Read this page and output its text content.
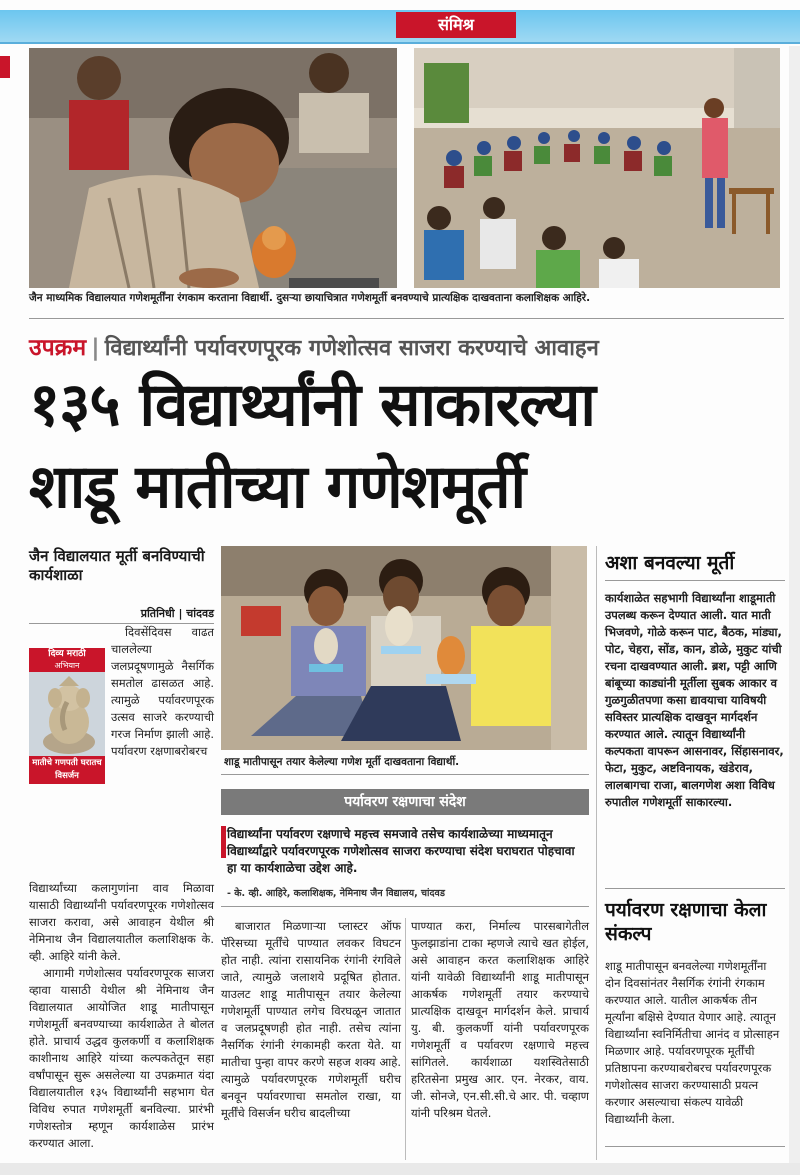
संमिश्र
जैन माध्यमिक विद्यालयात गणेशमूर्तींना रंगकाम करताना विद्यार्थी. दुसऱ्या छायाचित्रात गणेशमूर्ती बनवण्याचे प्रात्यक्षिक दाखवताना कलाशिक्षक आहिरे.
उपक्रम | विद्यार्थ्यांनी पर्यावरणपूरक गणेशोत्सव साजरा करण्याचे आवाहन
१३५ विद्यार्थ्यांनी साकारल्या
शाडू मातीच्या गणेशमूर्ती
जैन विद्यालयात मूर्ती बनविण्याची कार्यशाळा
प्रतिनिधी | चांदवड
दिव्य मराठी
अभियान
मातीचे गणपती घरातच विसर्जन

दिवसेंदिवस वाढत चाललेल्या जलप्रदूषणामुळे नैसर्गिक समतोल ढासळत आहे. त्यामुळे पर्यावरणपूरक उत्सव साजरे करण्याची गरज निर्माण झाली आहे. पर्यावरण रक्षणाबरोबरच

विद्यार्थ्यांच्या कलागुणांना वाव मिळावा यासाठी विद्यार्थ्यांनी पर्यावरणपूरक गणेशोत्सव साजरा करावा, असे आवाहन येथील श्री नेमिनाथ जैन विद्यालयातील कलाशिक्षक के. व्ही. आहिरे यांनी केले.

आगामी गणेशोत्सव पर्यावरणपूरक साजरा व्हावा यासाठी येथील श्री नेमिनाथ जैन विद्यालयात आयोजित शाडू मातीपासून गणेशमूर्ती बनवण्याच्या कार्यशाळेत ते बोलत होते. प्राचार्य उद्धव कुलकर्णी व कलाशिक्षक काशीनाथ आहिरे यांच्या कल्पकतेतून सहा वर्षांपासून सुरू असलेल्या या उपक्रमात यंदा विद्यालयातील १३५ विद्यार्थ्यांनी सहभाग घेत विविध रुपात गणेशमूर्ती बनविल्या. प्रारंभी गणेशस्तोत्र म्हणून कार्यशाळेस प्रारंभ करण्यात आला.

शाडू मातीपासून तयार केलेल्या गणेश मूर्ती दाखवताना विद्यार्थी.
पर्यावरण रक्षणाचा संदेश
विद्यार्थ्यांना पर्यावरण रक्षणाचे महत्त्व समजावे तसेच कार्यशाळेच्या माध्यमातून विद्यार्थ्यांद्वारे पर्यावरणपूरक गणेशोत्सव साजरा करण्याचा संदेश घराघरात पोहचावा हा या कार्यशाळेचा उद्देश आहे.
- के. व्ही. आहिरे, कलाशिक्षक, नेमिनाथ जैन विद्यालय, चांदवड

बाजारात मिळणाऱ्या प्लास्टर ऑफ पॅरिसच्या मूर्तींचे पाण्यात लवकर विघटन होत नाही. त्यांना रासायनिक रंगांनी रंगविले जाते, त्यामुळे जलाशये प्रदूषित होतात. याउलट शाडू मातीपासून तयार केलेल्या गणेशमूर्ती पाण्यात लगेच विरघळून जातात व जलप्रदूषणही होत नाही. तसेच त्यांना नैसर्गिक रंगांनी रंगकामही करता येते. या मातीचा पुन्हा वापर करणे सहज शक्य आहे. त्यामुळे पर्यावरणपूरक गणेशमूर्ती घरीच बनवून पर्यावरणाचा समतोल राखा, या मूर्तींचे विसर्जन घरीच बादलीच्या

पाण्यात करा, निर्माल्य पारसबागेतील फुलझाडांना टाका म्हणजे त्याचे खत होईल, असे आवाहन करत कलाशिक्षक आहिरे यांनी यावेळी विद्यार्थ्यांनी शाडू मातीपासून आकर्षक गणेशमूर्ती तयार करण्याचे प्रात्यक्षिक दाखवून मार्गदर्शन केले. प्राचार्य यु. बी. कुलकर्णी यांनी पर्यावरणपूरक गणेशमूर्ती व पर्यावरण रक्षणाचे महत्त्व सांगितले. कार्यशाळा यशस्वितेसाठी हरितसेना प्रमुख आर. एन. नेरकर, वाय. जी. सोनजे, एन.सी.सी.चे आर. पी. चव्हाण यांनी परिश्रम घेतले.

अशा बनवल्या मूर्ती

कार्यशाळेत सहभागी विद्यार्थ्यांना शाडूमाती उपलब्ध करून देण्यात आली. यात माती भिजवणे, गोळे करून पाट, बैठक, मांड्या, पोट, चेहरा, सोंड, कान, डोळे, मुकुट यांची रचना दाखवण्यात आली. ब्रश, पट्टी आणि बांबूच्या काड्यांनी मूर्तीला सुबक आकार व गुळगुळीतपणा कसा द्यावयाचा याविषयी सविस्तर प्रात्यक्षिक दाखवून मार्गदर्शन करण्यात आले. त्यातून विद्यार्थ्यांनी कल्पकता वापरून आसनावर, सिंहासनावर, फेटा, मुकुट, अष्टविनायक, खंडेराव, लालबागचा राजा, बालगणेश अशा विविध रुपातील गणेशमूर्ती साकारल्या.

पर्यावरण रक्षणाचा केला संकल्प

शाडू मातीपासून बनवलेल्या गणेशमूर्तींना दोन दिवसांनंतर नैसर्गिक रंगांनी रंगकाम करण्यात आले. यातील आकर्षक तीन मूर्त्यांना बक्षिसे देण्यात येणार आहे. त्यातून विद्यार्थ्यांना स्वनिर्मितीचा आनंद व प्रोत्साहन मिळणार आहे. पर्यावरणपूरक मूर्तींची प्रतिष्ठापना करण्याबरोबरच पर्यावरणपूरक गणेशोत्सव साजरा करण्यासाठी प्रयत्न करणार असल्याचा संकल्प यावेळी विद्यार्थ्यांनी केला.
